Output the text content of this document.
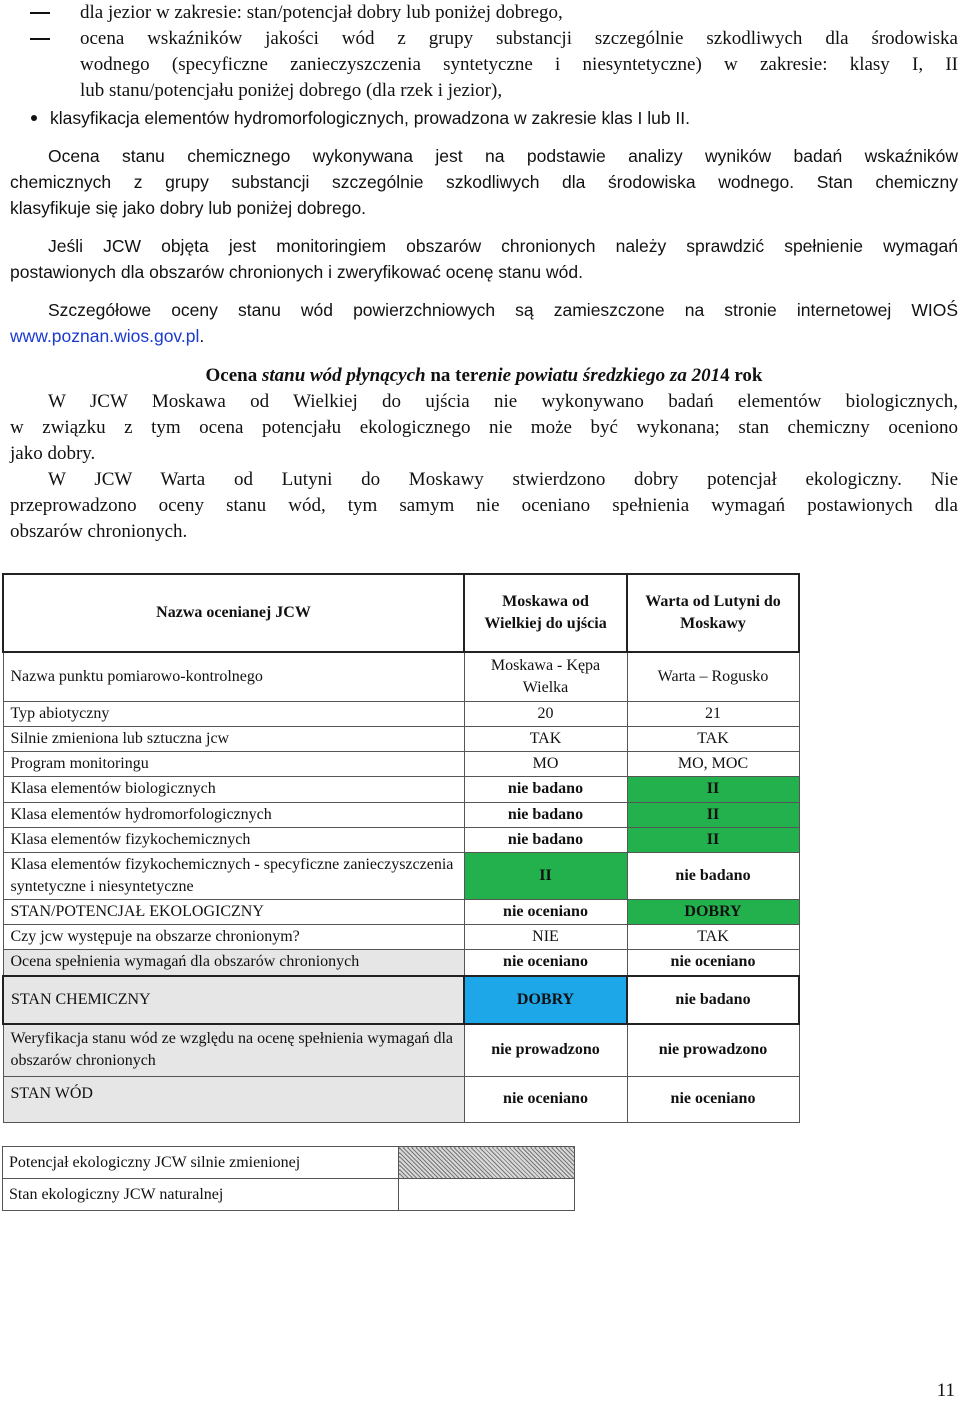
dla jezior w zakresie: stan/potencjał dobry lub poniżej dobrego,
ocena wskaźników jakości wód z grupy substancji szczególnie szkodliwych dla środowiska
wodnego (specyficzne zanieczyszczenia syntetyczne i niesyntetyczne) w zakresie: klasy I, II
lub stanu/potencjału poniżej dobrego (dla rzek i jezior),
klasyfikacja elementów hydromorfologicznych, prowadzona w zakresie klas I lub II.
Ocena stanu chemicznego wykonywana jest na podstawie analizy wyników badań wskaźników
chemicznych z grupy substancji szczególnie szkodliwych dla środowiska wodnego. Stan chemiczny
klasyfikuje się jako dobry lub poniżej dobrego.
Jeśli JCW objęta jest monitoringiem obszarów chronionych należy sprawdzić spełnienie wymagań
postawionych dla obszarów chronionych i zweryfikować ocenę stanu wód.
Szczegółowe oceny stanu wód powierzchniowych są zamieszczone na stronie internetowej WIOŚ
www.poznan.wios.gov.pl.
Ocena stanu wód płynących na terenie powiatu średzkiego za 2014 rok
W JCW Moskawa od Wielkiej do ujścia nie wykonywano badań elementów biologicznych,
w związku z tym ocena potencjału ekologicznego nie może być wykonana; stan chemiczny oceniono
jako dobry.
W JCW Warta od Lutyni do Moskawy stwierdzono dobry potencjał ekologiczny. Nie
przeprowadzono oceny stanu wód, tym samym nie oceniano spełnienia wymagań postawionych dla
obszarów chronionych.
Nazwa ocenianej JCW	Moskawa od Wielkiej do ujścia	Warta od Lutyni do Moskawy
Nazwa punktu pomiarowo-kontrolnego	Moskawa - Kępa Wielka	Warta – Rogusko
Typ abiotyczny	20	21
Silnie zmieniona lub sztuczna jcw	TAK	TAK
Program monitoringu	MO	MO, MOC
Klasa elementów biologicznych	nie badano	II
Klasa elementów hydromorfologicznych	nie badano	II
Klasa elementów fizykochemicznych	nie badano	II
Klasa elementów fizykochemicznych - specyficzne zanieczyszczenia syntetyczne i niesyntetyczne	II	nie badano
STAN/POTENCJAŁ EKOLOGICZNY	nie oceniano	DOBRY
Czy jcw występuje na obszarze chronionym?	NIE	TAK
Ocena spełnienia wymagań dla obszarów chronionych	nie oceniano	nie oceniano
STAN CHEMICZNY	DOBRY	nie badano
Weryfikacja stanu wód ze względu na ocenę spełnienia wymagań dla obszarów chronionych	nie prowadzono	nie prowadzono
STAN WÓD	nie oceniano	nie oceniano
Potencjał ekologiczny JCW silnie zmienionej	
Stan ekologiczny JCW naturalnej	
11
